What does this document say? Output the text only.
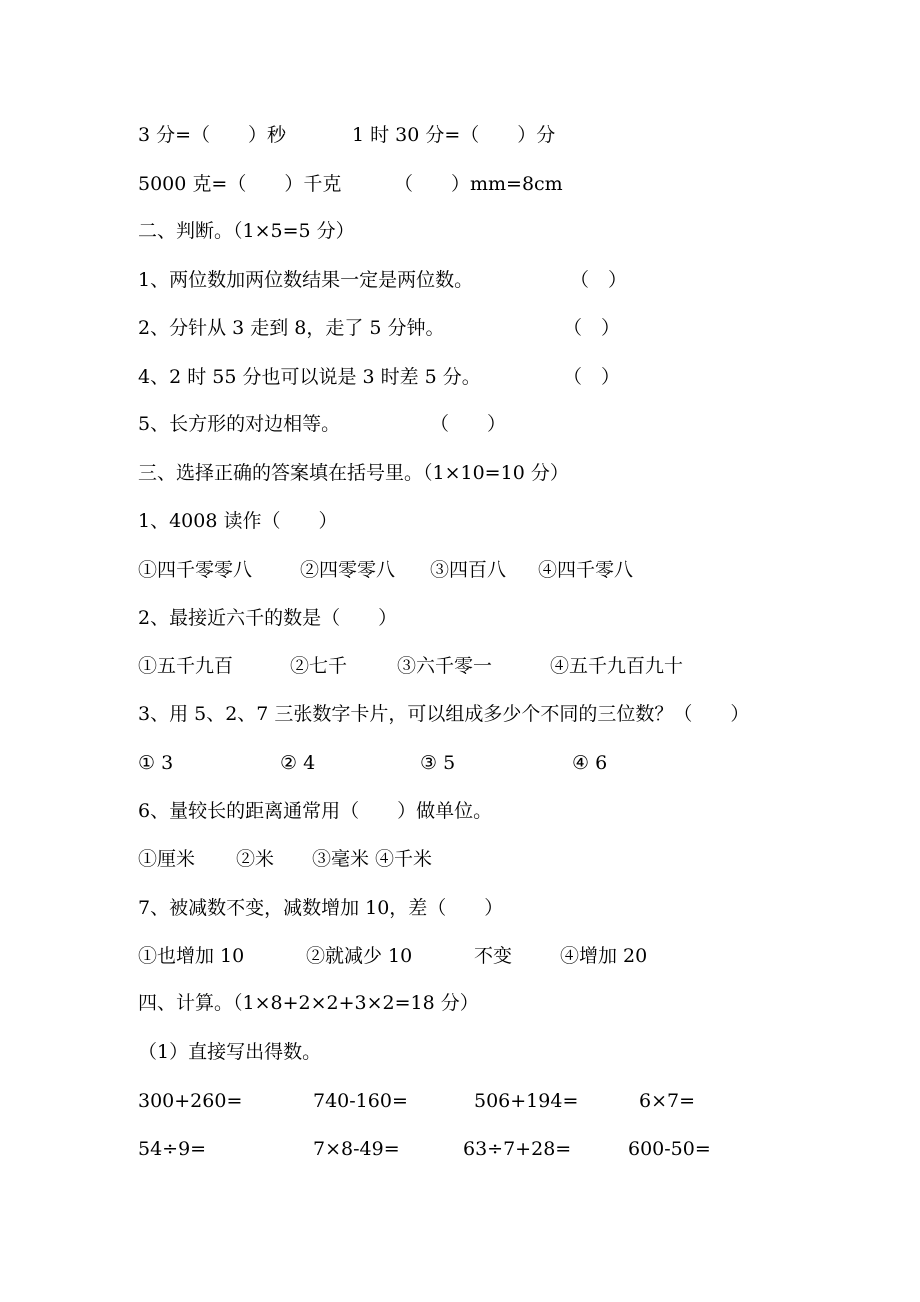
3 分=（　　）秒	1 时 30 分=（　　）分
5000 克=（　　）千克	（　　）mm=8cm
二、判断。（1×5=5 分）
1、两位数加两位数结果一定是两位数。	（　）
2、分针从 3 走到 8，走了 5 分钟。	（　）
4、2 时 55 分也可以说是 3 时差 5 分。	（　）
5、长方形的对边相等。	（　　）
三、选择正确的答案填在括号里。（1×10=10 分）
1、4008 读作（　　）
①四千零零八	②四零零八 ③四百八 ④四千零八
2、最接近六千的数是（　　）
①五千九百	②七千	③六千零一	④五千九百九十
3、用 5、2、7 三张数字卡片，可以组成多少个不同的三位数？（　　）
① 3	② 4	③ 5	④ 6
6、量较长的距离通常用（　　）做单位。
①厘米 ②米 ③毫米 ④千米
7、被减数不变，减数增加 10，差（　　）
①也增加 10	②就减少 10	不变	④增加 20
四、计算。（1×8+2×2+3×2=18 分）
（1）直接写出得数。
300+260=	740-160=	506+194=	6×7=
54÷9=	7×8-49=	63÷7+28=	600-50=
